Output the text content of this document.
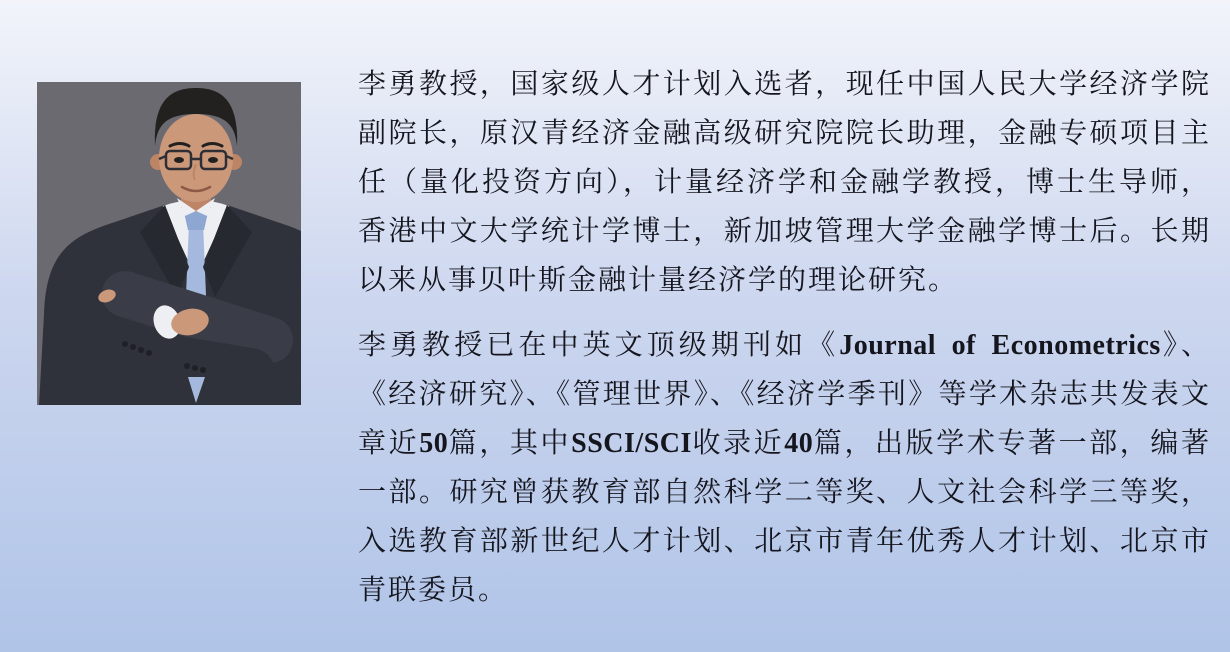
李勇教授，国家级人才计划入选者，现任中国人民大学经济学院副院长，原汉青经济金融高级研究院院长助理，金融专硕项目主任（量化投资方向），计量经济学和金融学教授，博士生导师，香港中文大学统计学博士，新加坡管理大学金融学博士后。长期以来从事贝叶斯金融计量经济学的理论研究。

李勇教授已在中英文顶级期刊如《Journal of Econometrics》、《经济研究》、《管理世界》、《经济学季刊》等学术杂志共发表文章近50篇，其中SSCI/SCI收录近40篇，出版学术专著一部，编著一部。研究曾获教育部自然科学二等奖、人文社会科学三等奖，入选教育部新世纪人才计划、北京市青年优秀人才计划、北京市青联委员。
